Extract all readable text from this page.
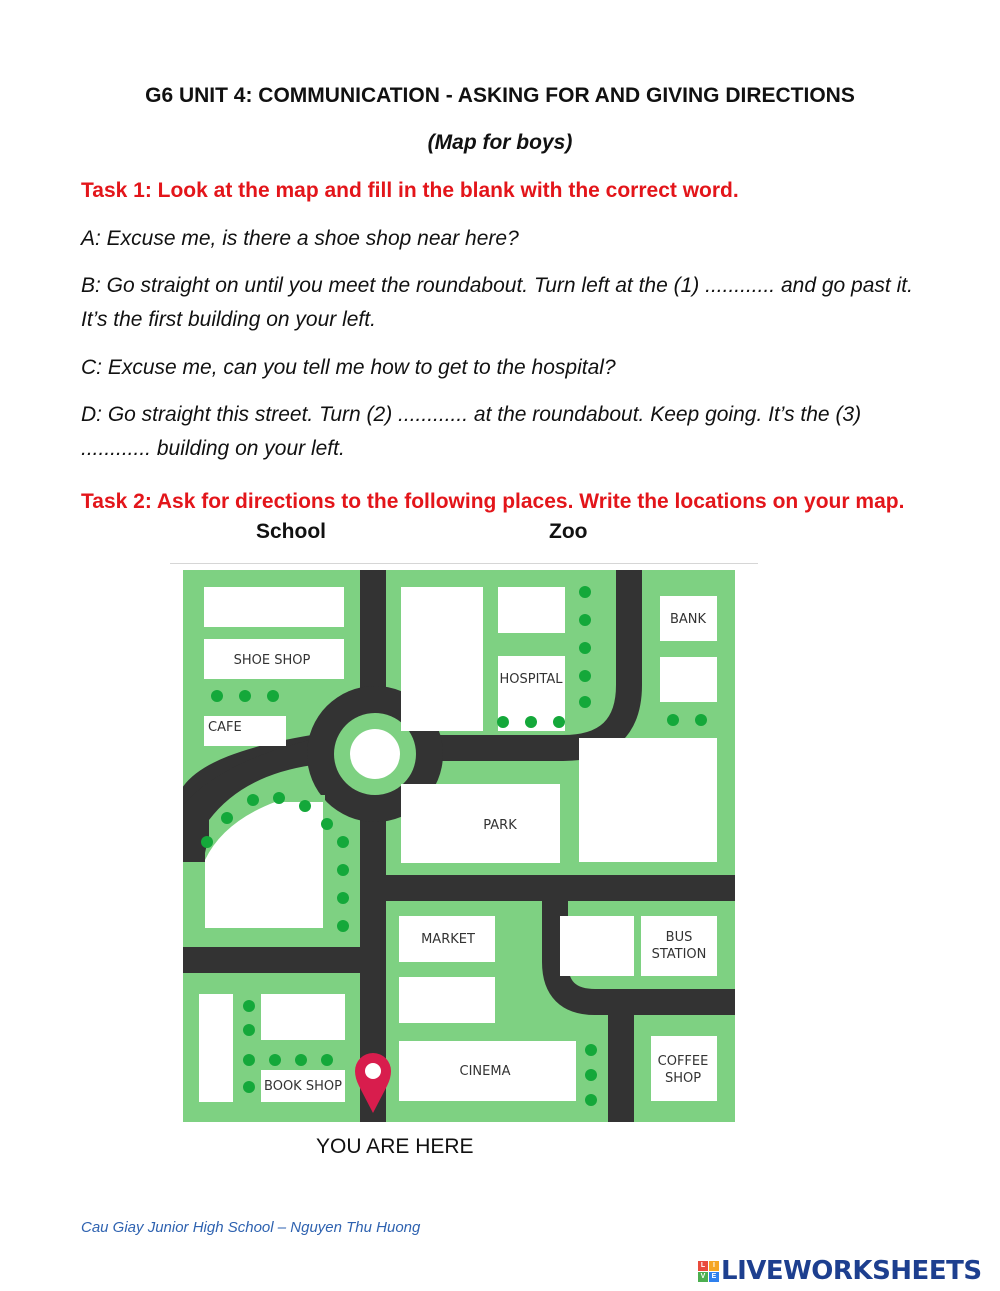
G6 UNIT 4: COMMUNICATION - ASKING FOR AND GIVING DIRECTIONS
(Map for boys)
Task 1: Look at the map and fill in the blank with the correct word.
A: Excuse me, is there a shoe shop near here?
B: Go straight on until you meet the roundabout. Turn left at the (1) ............ and go past it. It’s the first building on your left.
C: Excuse me, can you tell me how to get to the hospital?
D: Go straight this street. Turn (2) ............ at the roundabout. Keep going. It’s the (3) ............ building on your left.
Task 2: Ask for directions to the following places. Write the locations on your map.
School	Zoo
SHOE SHOP
CAFE
HOSPITAL
BANK
PARK
MARKET	BUS
STATION
CINEMA
COFFEE
SHOP
BOOK SHOP
YOU ARE HERE
Cau Giay Junior High School – Nguyen Thu Huong
L	I
V E LIVEWORKSHEETS
